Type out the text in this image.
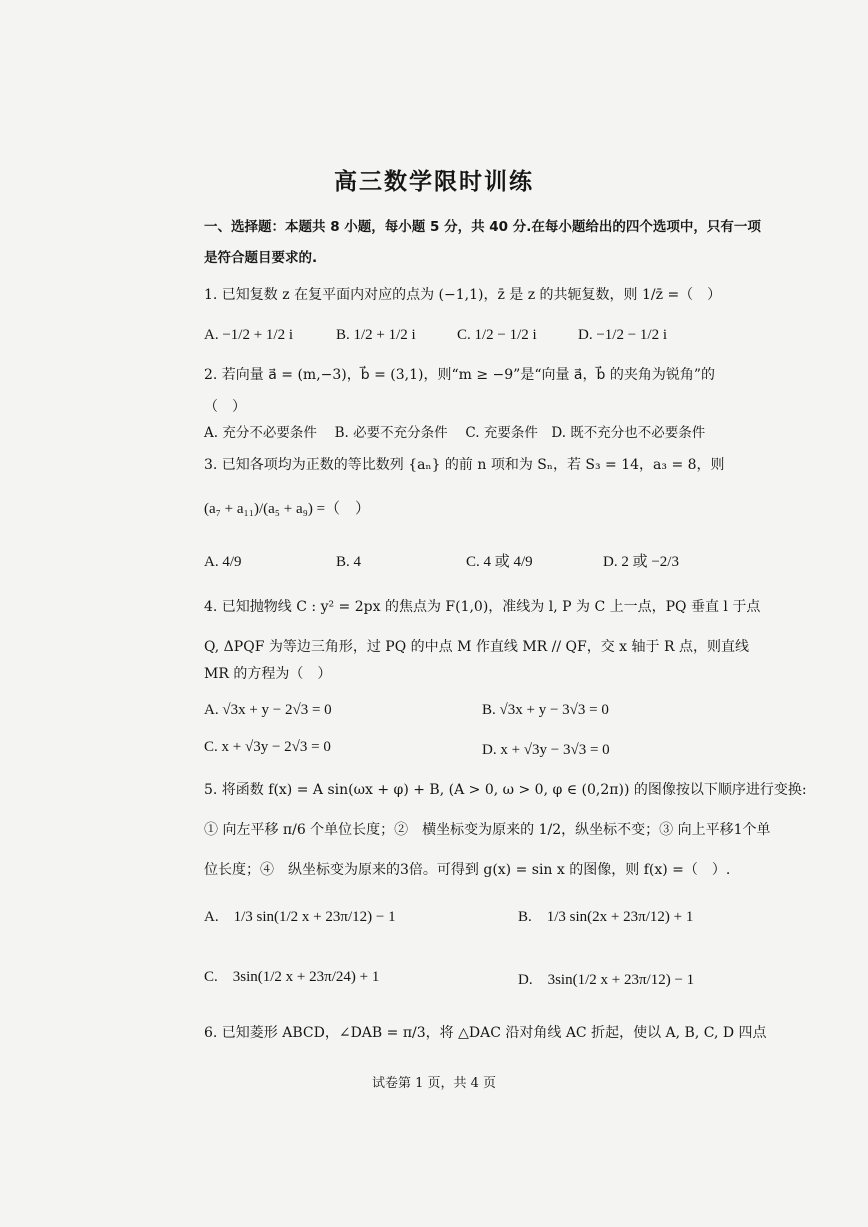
高三数学限时训练
一、选择题：本题共 8 小题，每小题 5 分，共 40 分.在每小题给出的四个选项中，只有一项
是符合题目要求的.
1. 已知复数 z 在复平面内对应的点为 (−1,1)，z̄ 是 z 的共轭复数，则 1/z̄ =（　）
A. −1/2 + 1/2 i	B. 1/2 + 1/2 i	C. 1/2 − 1/2 i	D. −1/2 − 1/2 i
2. 若向量 a⃗ = (m,−3)，b⃗ = (3,1)，则“m ≥ −9”是“向量 a⃗，b⃗ 的夹角为锐角”的
（　）
A. 充分不必要条件　 B. 必要不充分条件　 C. 充要条件　D. 既不充分也不必要条件
3. 已知各项均为正数的等比数列 {aₙ} 的前 n 项和为 Sₙ，若 S₃ = 14，a₃ = 8，则
(a₇ + a₁₁)/(a₅ + a₉) =（　）
A. 4/9	B. 4	C. 4 或 4/9	D. 2 或 −2/3
4. 已知抛物线 C : y² = 2px 的焦点为 F(1,0)，准线为 l, P 为 C 上一点，PQ 垂直 l 于点
Q, ΔPQF 为等边三角形，过 PQ 的中点 M 作直线 MR // QF，交 x 轴于 R 点，则直线
MR 的方程为（　）
A. √3x + y − 2√3 = 0	B. √3x + y − 3√3 = 0
C. x + √3y − 2√3 = 0	D. x + √3y − 3√3 = 0
5. 将函数 f(x) = A sin(ωx + φ) + B, (A > 0, ω > 0, φ ∈ (0,2π)) 的图像按以下顺序进行变换:
① 向左平移 π/6 个单位长度；②　横坐标变为原来的 1/2，纵坐标不变；③ 向上平移1个单
位长度；④　纵坐标变为原来的3倍。可得到 g(x) = sin x 的图像，则 f(x) =（　）.
A.　1/3 sin(1/2 x + 23π/12) − 1	B.　1/3 sin(2x + 23π/12) + 1
C.　3sin(1/2 x + 23π/24) + 1	D.　3sin(1/2 x + 23π/12) − 1
6. 已知菱形 ABCD，∠DAB = π/3，将 △DAC 沿对角线 AC 折起，使以 A, B, C, D 四点
试卷第 1 页，共 4 页
